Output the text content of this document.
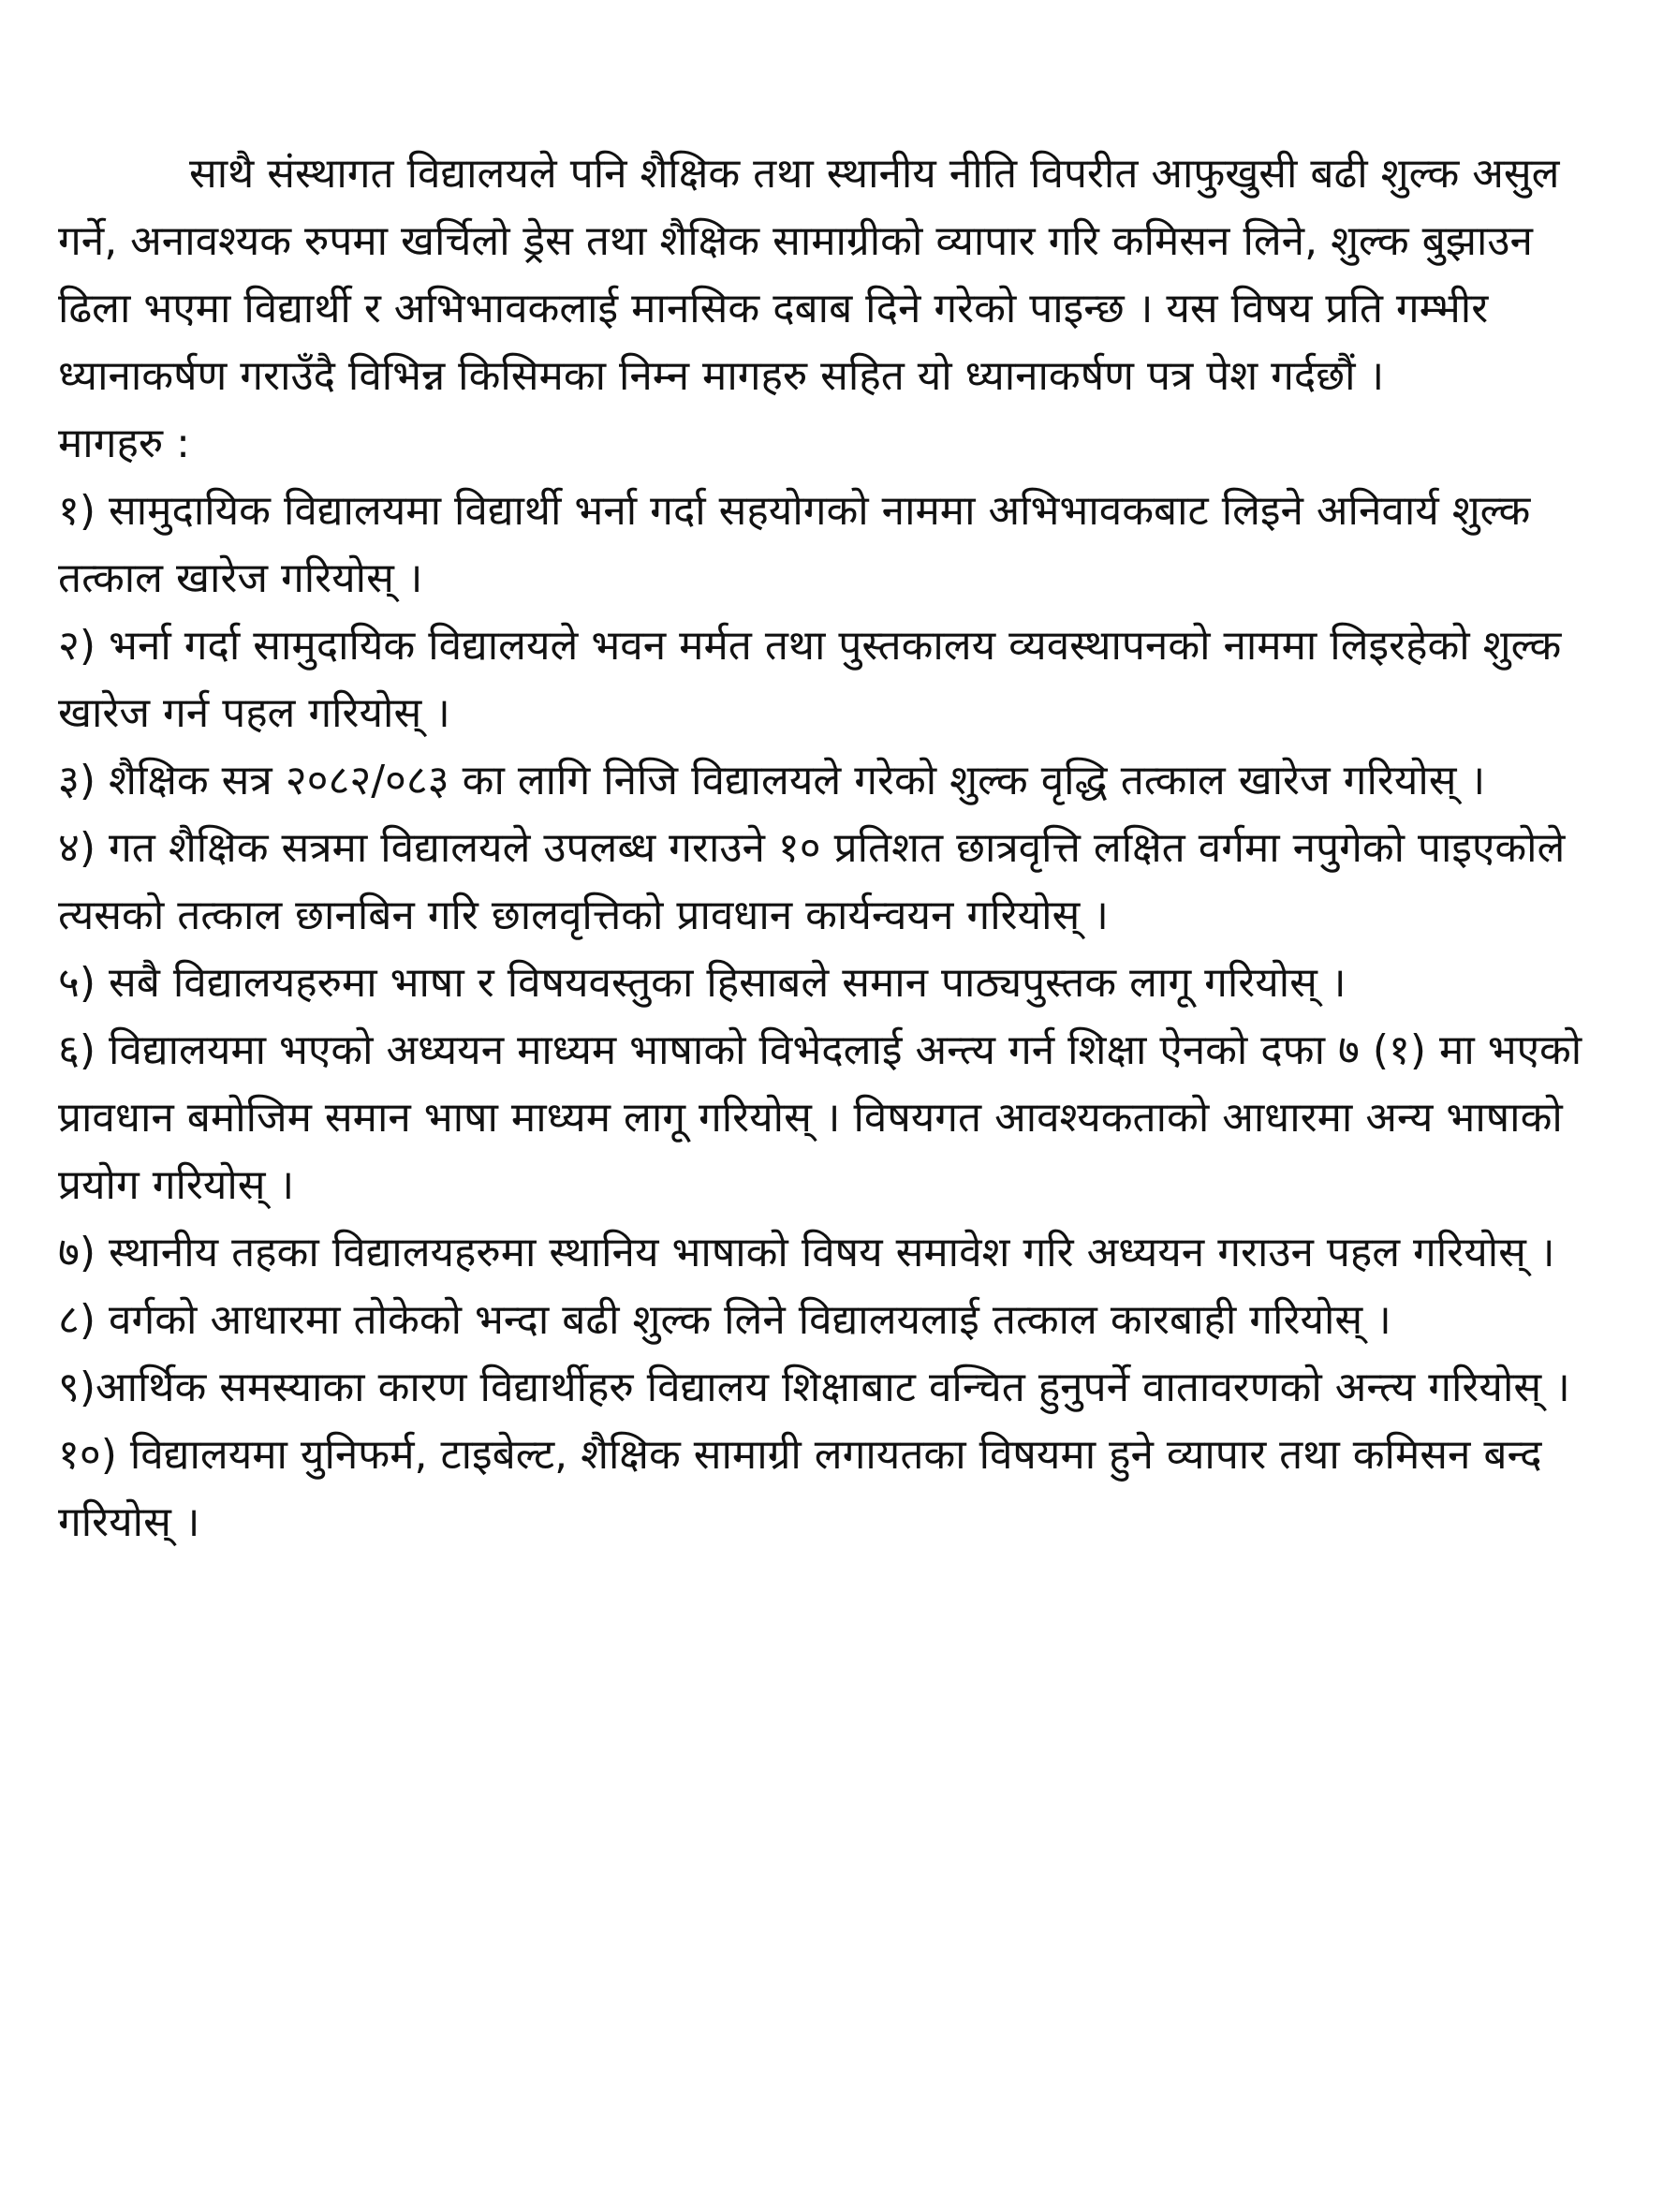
साथै संस्थागत विद्यालयले पनि शैक्षिक तथा स्थानीय नीति विपरीत आफुखुसी बढी शुल्क असुल गर्ने, अनावश्यक रुपमा खर्चिलो ड्रेस तथा शैक्षिक सामाग्रीको व्यापार गरि कमिसन लिने, शुल्क बुझाउन ढिला भएमा विद्यार्थी र अभिभावकलाई मानसिक दबाब दिने गरेको पाइन्छ । यस विषय प्रति गम्भीर ध्यानाकर्षण गराउँदै विभिन्न किसिमका निम्न मागहरु सहित यो ध्यानाकर्षण पत्र पेश गर्दछौं ।

मागहरु :

१) सामुदायिक विद्यालयमा विद्यार्थी भर्ना गर्दा सहयोगको नाममा अभिभावकबाट लिइने अनिवार्य शुल्क तत्काल खारेज गरियोस् ।

२) भर्ना गर्दा सामुदायिक विद्यालयले भवन मर्मत तथा पुस्तकालय व्यवस्थापनको नाममा लिइरहेको शुल्क खारेज गर्न पहल गरियोस् ।

३) शैक्षिक सत्र २०८२/०८३ का लागि निजि विद्यालयले गरेको शुल्क वृद्धि तत्काल खारेज गरियोस् ।

४) गत शैक्षिक सत्रमा विद्यालयले उपलब्ध गराउने १० प्रतिशत छात्रवृत्ति लक्षित वर्गमा नपुगेको पाइएकोले त्यसको तत्काल छानबिन गरि छालवृत्तिको प्रावधान कार्यन्वयन गरियोस् ।

५) सबै विद्यालयहरुमा भाषा र विषयवस्तुका हिसाबले समान पाठ्यपुस्तक लागू गरियोस् ।

६) विद्यालयमा भएको अध्ययन माध्यम भाषाको विभेदलाई अन्त्य गर्न शिक्षा ऐनको दफा ७ (१) मा भएको प्रावधान बमोजिम समान भाषा माध्यम लागू गरियोस् । विषयगत आवश्यकताको आधारमा अन्य भाषाको प्रयोग गरियोस् ।

७) स्थानीय तहका विद्यालयहरुमा स्थानिय भाषाको विषय समावेश गरि अध्ययन गराउन पहल गरियोस् ।

८) वर्गको आधारमा तोकेको भन्दा बढी शुल्क लिने विद्यालयलाई तत्काल कारबाही गरियोस् ।

९)आर्थिक समस्याका कारण विद्यार्थीहरु विद्यालय शिक्षाबाट वन्चित हुनुपर्ने वातावरणको अन्त्य गरियोस् ।

१०) विद्यालयमा युनिफर्म, टाइबेल्ट, शैक्षिक सामाग्री लगायतका विषयमा हुने व्यापार तथा कमिसन बन्द गरियोस् ।
